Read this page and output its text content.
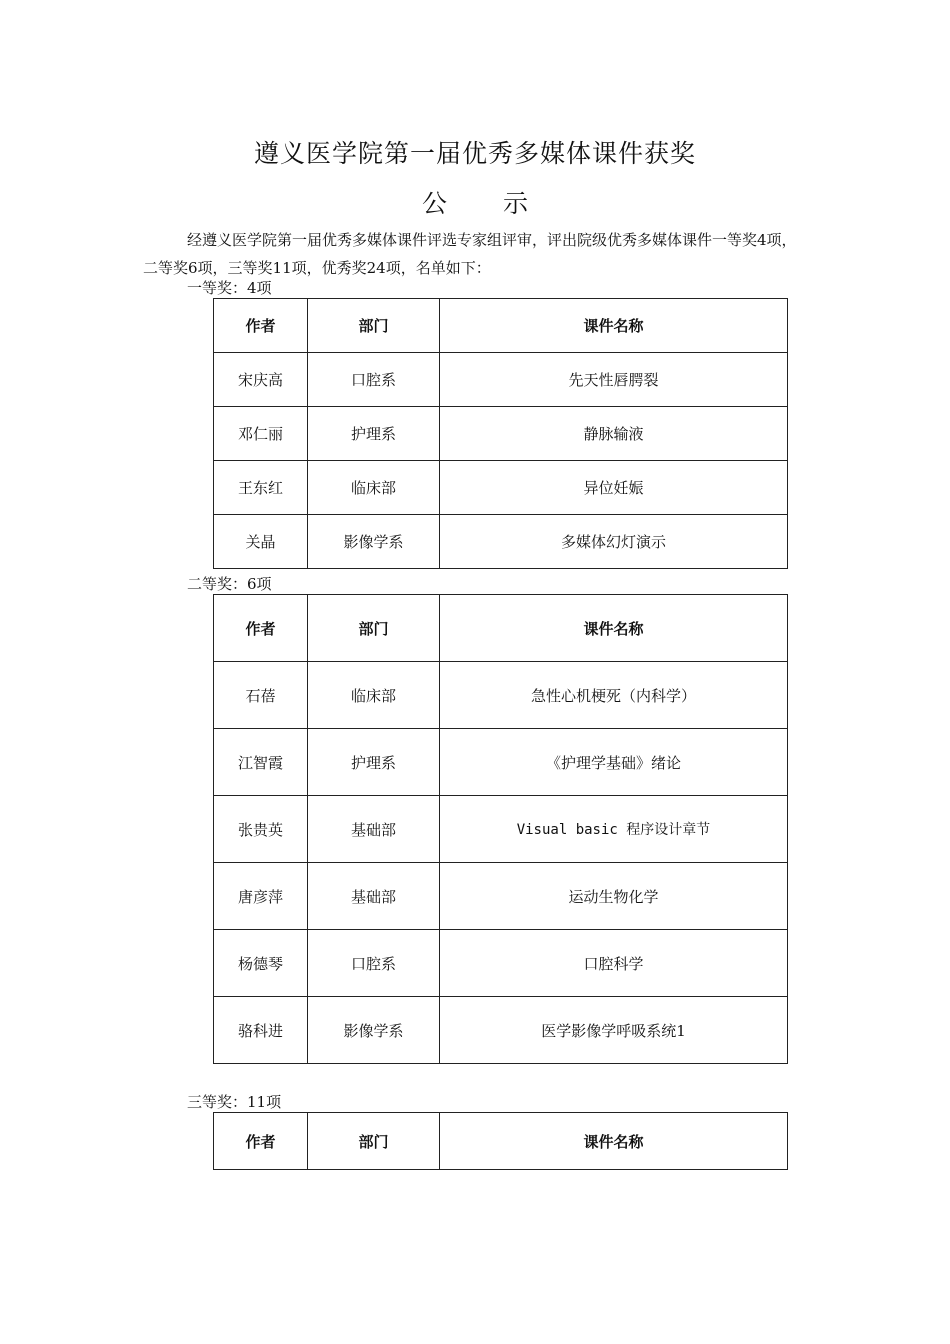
遵义医学院第一届优秀多媒体课件获奖
公 示

经遵义医学院第一届优秀多媒体课件评选专家组评审，评出院级优秀多媒体课件一等奖4项，二等奖6项，三等奖11项，优秀奖24项，名单如下：

一等奖：4项
作者	部门	课件名称
宋庆高	口腔系	先天性唇腭裂
邓仁丽	护理系	静脉输液
王东红	临床部	异位妊娠
关晶	影像学系	多媒体幻灯演示
二等奖：6项
作者	部门	课件名称
石蓓	临床部	急性心机梗死（内科学）
江智霞	护理系	《护理学基础》绪论
张贵英	基础部	Visual basic 程序设计章节
唐彦萍	基础部	运动生物化学
杨德琴	口腔系	口腔科学
骆科进	影像学系	医学影像学呼吸系统1
三等奖：11项
作者	部门	课件名称
